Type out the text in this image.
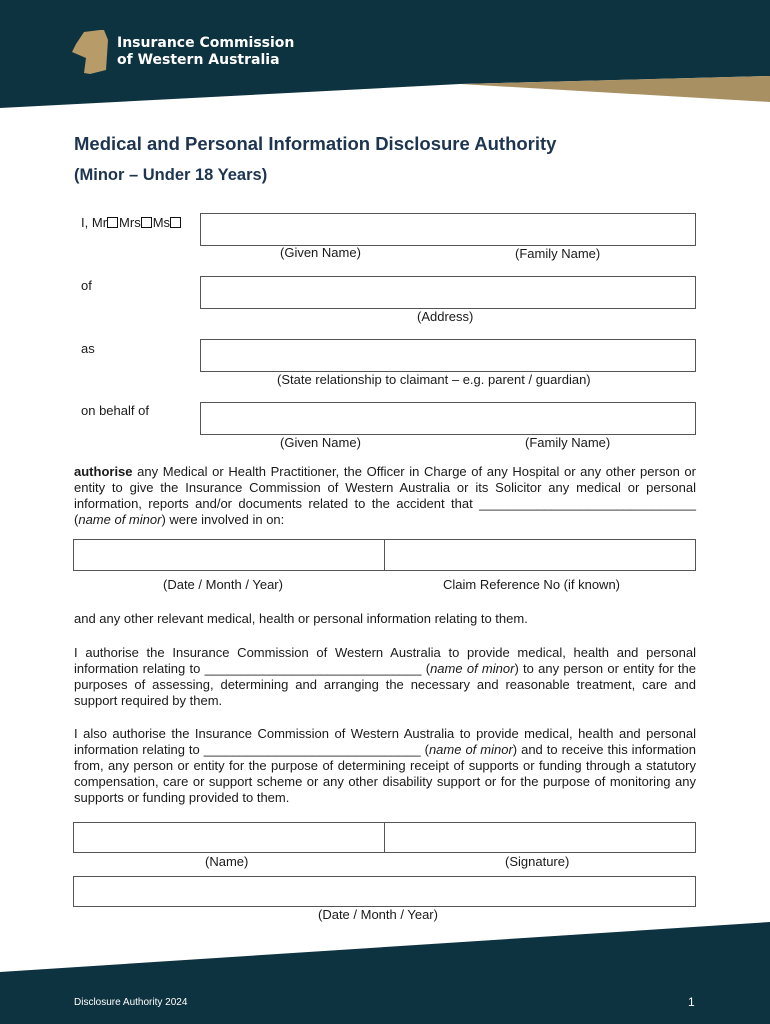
Insurance Commission
of Western Australia
Medical and Personal Information Disclosure Authority
(Minor – Under 18 Years)
I, Mr Mrs Ms
(Given Name)	(Family Name)
of
(Address)
as
(State relationship to claimant – e.g. parent / guardian)
on behalf of
(Given Name)	(Family Name)

authorise any Medical or Health Practitioner, the Officer in Charge of any Hospital or any other person or entity to give the Insurance Commission of Western Australia or its Solicitor any medical or personal information, reports and/or documents related to the accident that ______________________________ (name of minor) were involved in on:

(Date / Month / Year)	Claim Reference No (if known)

and any other relevant medical, health or personal information relating to them.

I authorise the Insurance Commission of Western Australia to provide medical, health and personal information relating to ______________________________ (name of minor) to any person or entity for the purposes of assessing, determining and arranging the necessary and reasonable treatment, care and support required by them.

I also authorise the Insurance Commission of Western Australia to provide medical, health and personal information relating to ______________________________ (name of minor) and to receive this information from, any person or entity for the purpose of determining receipt of supports or funding through a statutory compensation, care or support scheme or any other disability support or for the purpose of monitoring any supports or funding provided to them.

(Name)	(Signature)
(Date / Month / Year)
Disclosure Authority 2024	1
